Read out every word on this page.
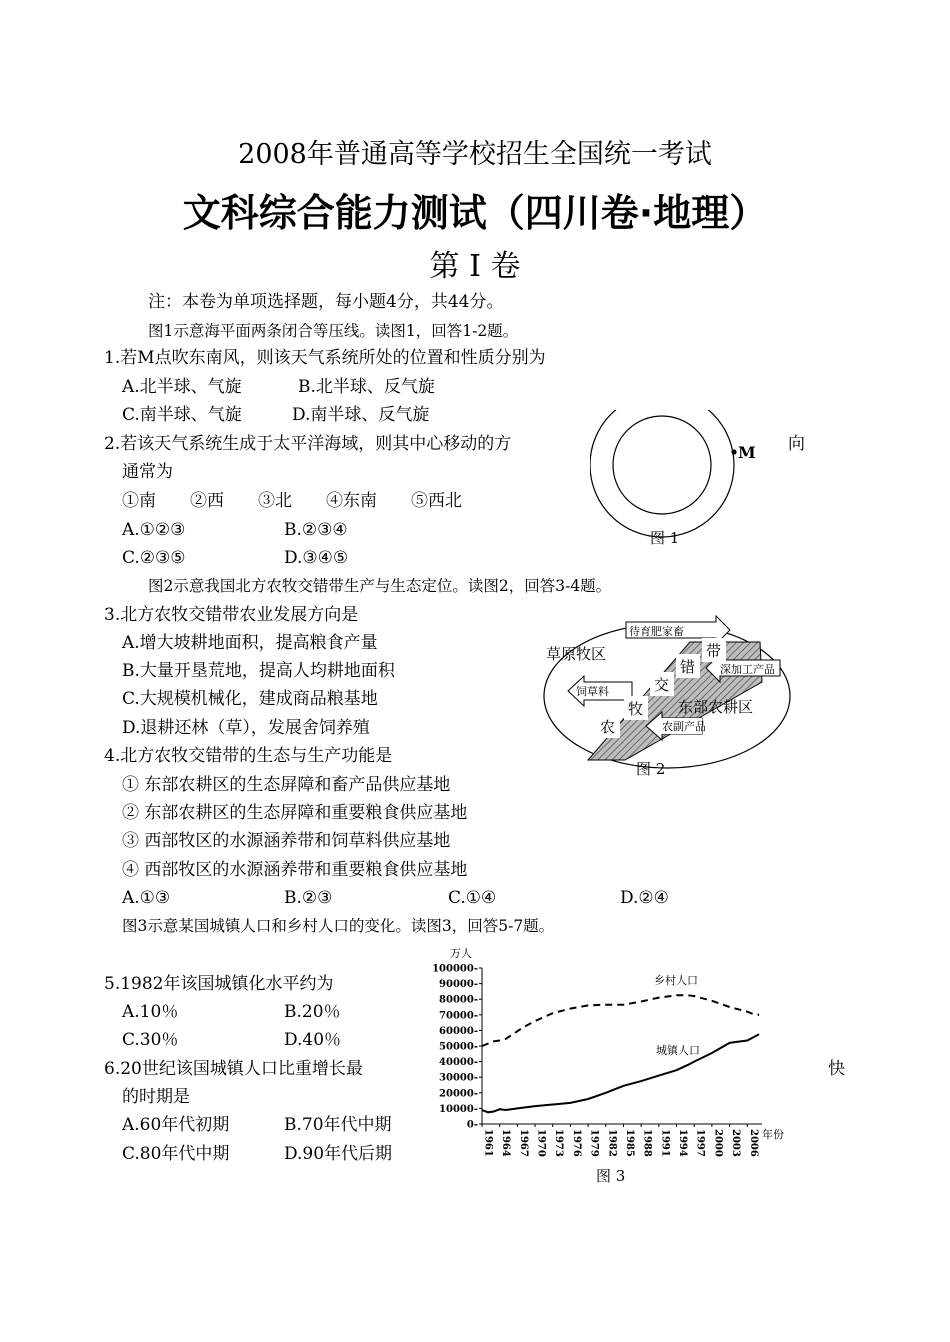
2008年普通高等学校招生全国统一考试
文科综合能力测试（四川卷·地理）
第 I 卷
注：本卷为单项选择题，每小题4分，共44分。
图1示意海平面两条闭合等压线。读图1，回答1-2题。
1.若M点吹东南风，则该天气系统所处的位置和性质分别为
A.北半球、气旋	B.北半球、反气旋
C.南半球、气旋	D.南半球、反气旋
2.若该天气系统生成于太平洋海域，则其中心移动的方	向
通常为
①南　　②西　　③北　　④东南　　⑤西北
A.①②③	B.②③④
C.②③⑤	D.③④⑤
M
图 1
图2示意我国北方农牧交错带生产与生态定位。读图2，回答3-4题。
3.北方农牧交错带农业发展方向是
A.增大坡耕地面积，提高粮食产量
B.大量开垦荒地，提高人均耕地面积
C.大规模机械化，建成商品粮基地
D.退耕还林（草），发展舍饲养殖
待育肥家畜
深加工产品
饲草料
农副产品
草原牧区
东部农耕区
农
牧
交
错
带
图 2
4.北方农牧交错带的生态与生产功能是
① 东部农耕区的生态屏障和畜产品供应基地
② 东部农耕区的生态屏障和重要粮食供应基地
③ 西部牧区的水源涵养带和饲草料供应基地
④ 西部牧区的水源涵养带和重要粮食供应基地
A.①③	B.②③	C.①④	D.②④
图3示意某国城镇人口和乡村人口的变化。读图3，回答5-7题。
5.1982年该国城镇化水平约为
A.10％	B.20％
C.30％	D.40％
6.20世纪该国城镇人口比重增长最	快
的时期是
A.60年代初期	B.70年代中期
C.80年代中期	D.90年代后期
万人
0-
10000-
20000-
30000-
40000-
50000-
60000-
70000-
80000-
90000-
100000-
1961 1964 1967 1970 1973 1976 1979 1982 1985 1988 1991 1994 1997 2000 2003 2006 年份
乡村人口
城镇人口
图 3
